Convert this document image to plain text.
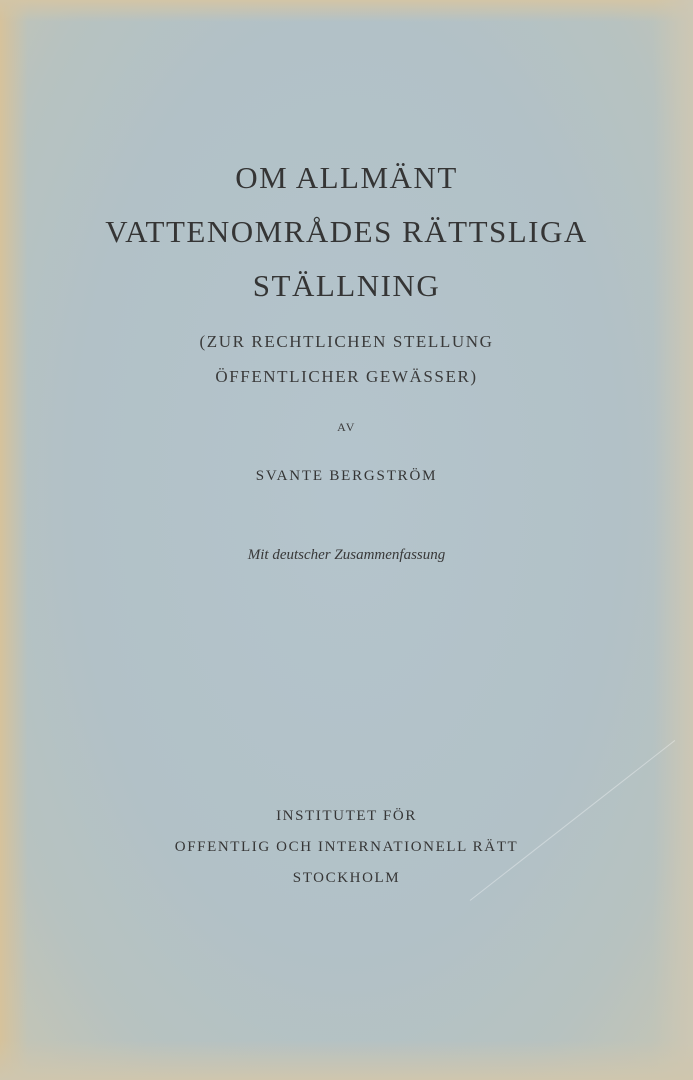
OM ALLMÄNT
VATTENOMRÅDES RÄTTSLIGA
STÄLLNING
(ZUR RECHTLICHEN STELLUNG
ÖFFENTLICHER GEWÄSSER)
AV
SVANTE BERGSTRÖM
Mit deutscher Zusammenfassung
INSTITUTET FÖR
OFFENTLIG OCH INTERNATIONELL RÄTT
STOCKHOLM
